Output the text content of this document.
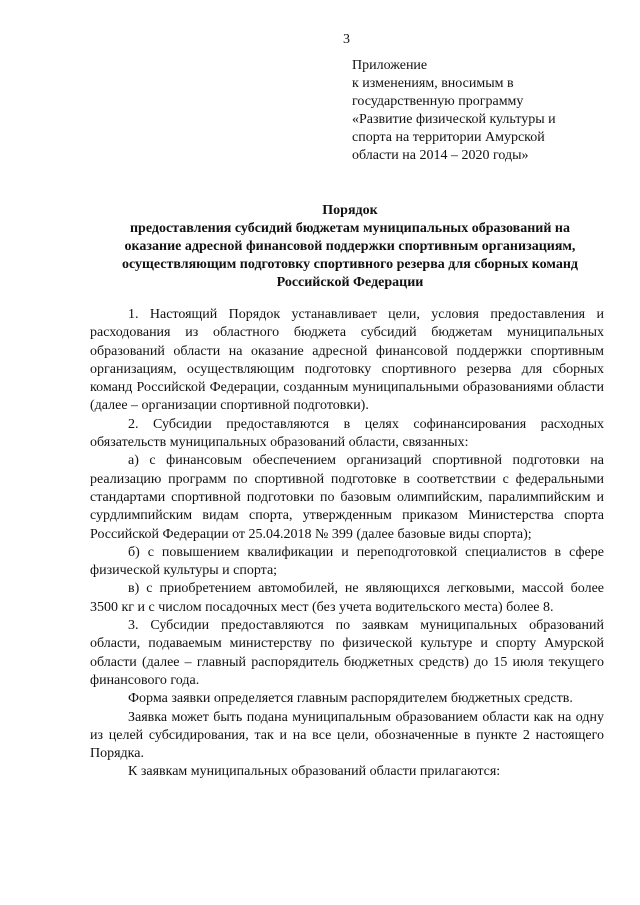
3
Приложение
к изменениям, вносимым в
государственную программу
«Развитие физической культуры и
спорта на территории Амурской
области на 2014 – 2020 годы»
Порядок
предоставления субсидий бюджетам муниципальных образований на
оказание адресной финансовой поддержки спортивным организациям,
осуществляющим подготовку спортивного резерва для сборных команд
Российской Федерации

1. Настоящий Порядок устанавливает цели, условия предоставления и расходования из областного бюджета субсидий бюджетам муниципальных образований области на оказание адресной финансовой поддержки спортивным организациям, осуществляющим подготовку спортивного резерва для сборных команд Российской Федерации, созданным муниципальными образованиями области (далее – организации спортивной подготовки).

2. Субсидии предоставляются в целях софинансирования расходных обязательств муниципальных образований области, связанных:

а) с финансовым обеспечением организаций спортивной подготовки на реализацию программ по спортивной подготовке в соответствии с федеральными стандартами спортивной подготовки по базовым олимпийским, паралимпийским и сурдлимпийским видам спорта, утвержденным приказом Министерства спорта Российской Федерации от 25.04.2018 № 399 (далее базовые виды спорта);

б) с повышением квалификации и переподготовкой специалистов в сфере физической культуры и спорта;

в) с приобретением автомобилей, не являющихся легковыми, массой более 3500 кг и с числом посадочных мест (без учета водительского места) более 8.

3. Субсидии предоставляются по заявкам муниципальных образований области, подаваемым министерству по физической культуре и спорту Амурской области (далее – главный распорядитель бюджетных средств) до 15 июля текущего финансового года.

Форма заявки определяется главным распорядителем бюджетных средств.

Заявка может быть подана муниципальным образованием области как на одну из целей субсидирования, так и на все цели, обозначенные в пункте 2 настоящего Порядка.

К заявкам муниципальных образований области прилагаются:
